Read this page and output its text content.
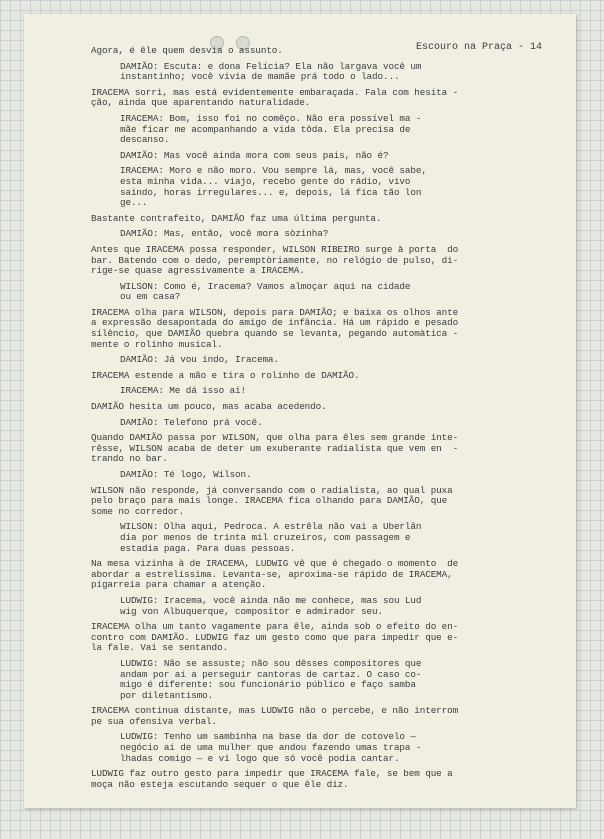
Escouro na Praça - 14
Agora, é êle quem desvia o assunto.
DAMIÃO: Escuta: e dona Felícia? Ela não largava você um
instantinho; você vivia de mamãe prá todo o lado...
IRACEMA sorri, mas está evidentemente embaraçada. Fala com hesita -
ção, ainda que aparentando naturalidade.
IRACEMA: Bom, isso foi no comêço. Não era possível ma -
mãe ficar me acompanhando a vida tôda. Ela precisa de
descanso.
DAMIÃO: Mas você ainda mora com seus pais, não é?
IRACEMA: Moro e não moro. Vou sempre lá, mas, você sabe,
esta minha vida... viajo, recebo gente do rádio, vivo
saindo, horas irregulares... e, depois, lá fica tão lon
ge...
Bastante contrafeito, DAMIÃO faz uma última pergunta.
DAMIÃO: Mas, então, você mora sòzinha?
Antes que IRACEMA possa responder, WILSON RIBEIRO surge à porta  do
bar. Batendo com o dedo, peremptòriamente, no relógio de pulso, di-
rige-se quase agressivamente a IRACEMA.
WILSON: Como é, Iracema? Vamos almoçar aqui na cidade
ou em casa?
IRACEMA olha para WILSON, depois para DAMIÃO; e baixa os olhos ante
a expressão desapontada do amigo de infância. Há um rápido e pesado
silêncio, que DAMIÃO quebra quando se levanta, pegando automàtica -
mente o rolinho musical.
DAMIÃO: Já vou indo, Iracema.
IRACEMA estende a mão e tira o rolinho de DAMIÃO.
IRACEMA: Me dá isso aí!
DAMIÃO hesita um pouco, mas acaba acedendo.
DAMIÃO: Telefono prá você.
Quando DAMIÃO passa por WILSON, que olha para êles sem grande inte-
rêsse, WILSON acaba de deter um exuberante radialista que vem en  -
trando no bar.
DAMIÃO: Té logo, Wilson.
WILSON não responde, já conversando com o radialista, ao qual puxa
pelo braço para mais longe. IRACEMA fica olhando para DAMIÃO, que
some no corredor.
WILSON: Olha aqui, Pedroca. A estrêla não vai a Uberlân
dia por menos de trinta mil cruzeiros, com passagem e
estadia paga. Para duas pessoas.
Na mesa vizinha à de IRACEMA, LUDWIG vê que é chegado o momento  de
abordar a estrelíssima. Levanta-se, aproxima-se rápido de IRACEMA,
pigarreia para chamar a atenção.
LUDWIG: Iracema, você ainda não me conhece, mas sou Lud
wig von Albuquerque, compositor e admirador seu.
IRACEMA olha um tanto vagamente para êle, ainda sob o efeito do en-
contro com DAMIÃO. LUDWIG faz um gesto como que para impedir que e-
la fale. Vai se sentando.
LUDWIG: Não se assuste; não sou dêsses compositores que
andam por aí a perseguir cantoras de cartaz. O caso co-
migo é diferente: sou funcionário público e faço samba
por diletantismo.
IRACEMA continua distante, mas LUDWIG não o percebe, e não interrom
pe sua ofensiva verbal.
LUDWIG: Tenho um sambinha na base da dor de cotovelo —
negócio aí de uma mulher que andou fazendo umas trapa -
lhadas comigo — e vi logo que só você podia cantar.
LUDWIG faz outro gesto para impedir que IRACEMA fale, se bem que a
moça não esteja escutando sequer o que êle diz.
